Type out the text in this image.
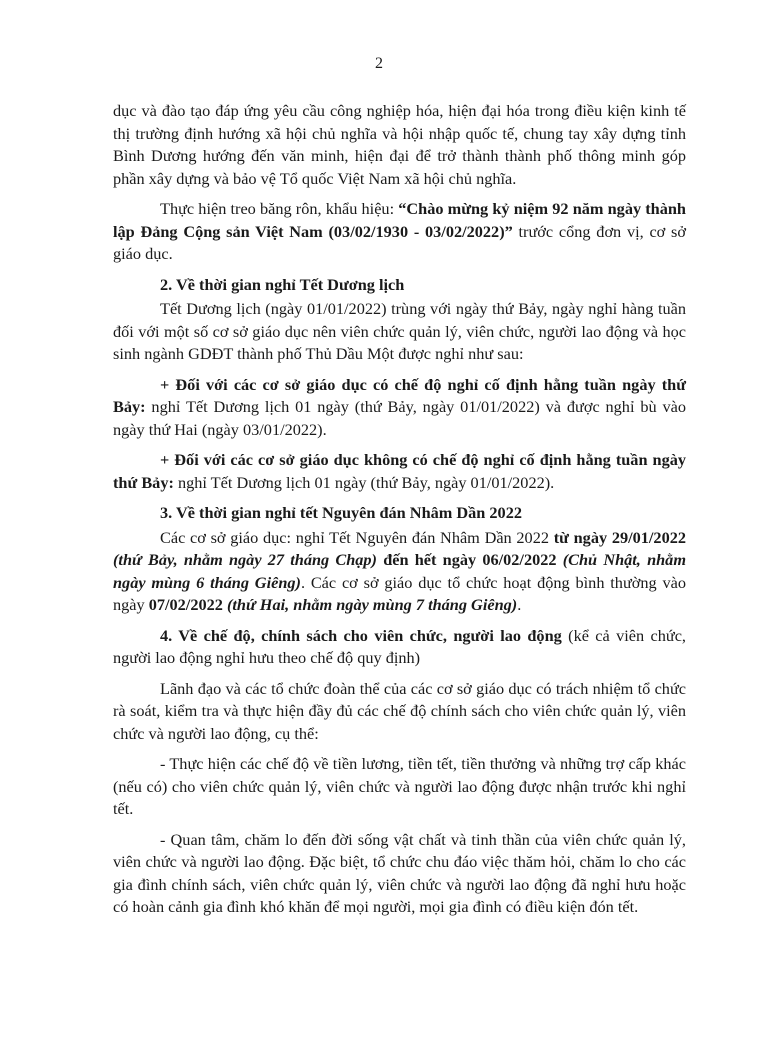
2

dục và đào tạo đáp ứng yêu cầu công nghiệp hóa, hiện đại hóa trong điều kiện kinh tế thị trường định hướng xã hội chủ nghĩa và hội nhập quốc tế, chung tay xây dựng tỉnh Bình Dương hướng đến văn minh, hiện đại để trở thành thành phố thông minh góp phần xây dựng và bảo vệ Tổ quốc Việt Nam xã hội chủ nghĩa.

Thực hiện treo băng rôn, khẩu hiệu: “Chào mừng kỷ niệm 92 năm ngày thành lập Đảng Cộng sản Việt Nam (03/02/1930 - 03/02/2022)” trước cổng đơn vị, cơ sở giáo dục.

2. Về thời gian nghỉ Tết Dương lịch

Tết Dương lịch (ngày 01/01/2022) trùng với ngày thứ Bảy, ngày nghỉ hàng tuần đối với một số cơ sở giáo dục nên viên chức quản lý, viên chức, người lao động và học sinh ngành GDĐT thành phố Thủ Dầu Một được nghỉ như sau:

+ Đối với các cơ sở giáo dục có chế độ nghỉ cố định hằng tuần ngày thứ Bảy: nghỉ Tết Dương lịch 01 ngày (thứ Bảy, ngày 01/01/2022) và được nghỉ bù vào ngày thứ Hai (ngày 03/01/2022).

+ Đối với các cơ sở giáo dục không có chế độ nghỉ cố định hằng tuần ngày thứ Bảy: nghỉ Tết Dương lịch 01 ngày (thứ Bảy, ngày 01/01/2022).

3. Về thời gian nghỉ tết Nguyên đán Nhâm Dần 2022

Các cơ sở giáo dục: nghỉ Tết Nguyên đán Nhâm Dần 2022 từ ngày 29/01/2022 (thứ Bảy, nhằm ngày 27 tháng Chạp) đến hết ngày 06/02/2022 (Chủ Nhật, nhằm ngày mùng 6 tháng Giêng). Các cơ sở giáo dục tổ chức hoạt động bình thường vào ngày 07/02/2022 (thứ Hai, nhằm ngày mùng 7 tháng Giêng).

4. Về chế độ, chính sách cho viên chức, người lao động (kể cả viên chức, người lao động nghỉ hưu theo chế độ quy định)

Lãnh đạo và các tổ chức đoàn thể của các cơ sở giáo dục có trách nhiệm tổ chức rà soát, kiểm tra và thực hiện đầy đủ các chế độ chính sách cho viên chức quản lý, viên chức và người lao động, cụ thể:

- Thực hiện các chế độ về tiền lương, tiền tết, tiền thưởng và những trợ cấp khác (nếu có) cho viên chức quản lý, viên chức và người lao động được nhận trước khi nghỉ tết.

- Quan tâm, chăm lo đến đời sống vật chất và tinh thần của viên chức quản lý, viên chức và người lao động. Đặc biệt, tổ chức chu đáo việc thăm hỏi, chăm lo cho các gia đình chính sách, viên chức quản lý, viên chức và người lao động đã nghỉ hưu hoặc có hoàn cảnh gia đình khó khăn để mọi người, mọi gia đình có điều kiện đón tết.
